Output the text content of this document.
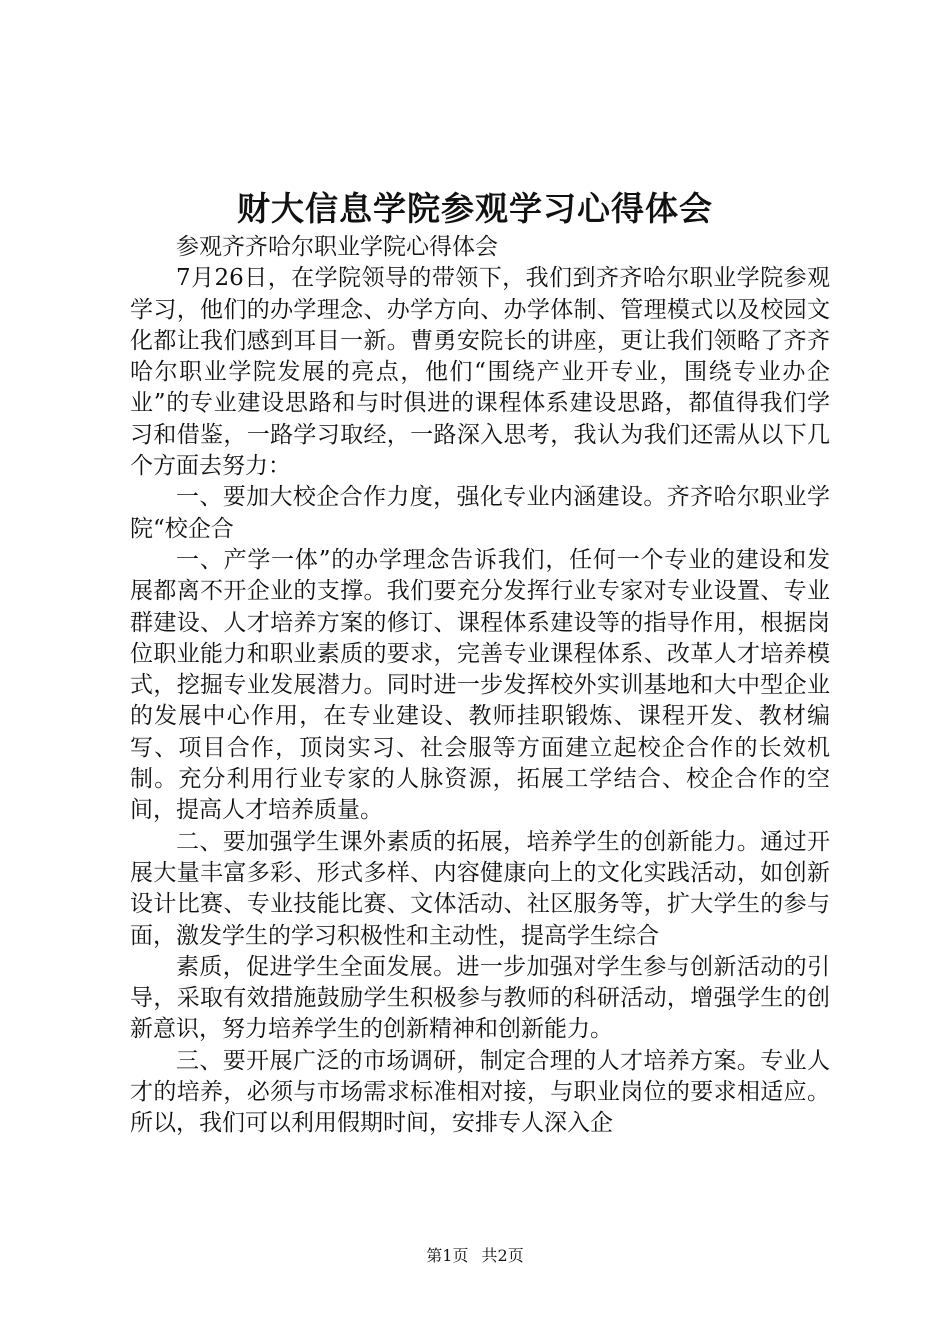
财大信息学院参观学习心得体会

参观齐齐哈尔职业学院心得体会

7月26日，在学院领导的带领下，我们到齐齐哈尔职业学院参观学习，他们的办学理念、办学方向、办学体制、管理模式以及校园文化都让我们感到耳目一新。曹勇安院长的讲座，更让我们领略了齐齐哈尔职业学院发展的亮点，他们“围绕产业开专业，围绕专业办企业”的专业建设思路和与时俱进的课程体系建设思路，都值得我们学习和借鉴，一路学习取经，一路深入思考，我认为我们还需从以下几个方面去努力：

一、要加大校企合作力度，强化专业内涵建设。齐齐哈尔职业学院“校企合

一、产学一体”的办学理念告诉我们，任何一个专业的建设和发展都离不开企业的支撑。我们要充分发挥行业专家对专业设置、专业群建设、人才培养方案的修订、课程体系建设等的指导作用，根据岗位职业能力和职业素质的要求，完善专业课程体系、改革人才培养模式，挖掘专业发展潜力。同时进一步发挥校外实训基地和大中型企业的发展中心作用，在专业建设、教师挂职锻炼、课程开发、教材编写、项目合作，顶岗实习、社会服等方面建立起校企合作的长效机制。充分利用行业专家的人脉资源，拓展工学结合、校企合作的空间，提高人才培养质量。

二、要加强学生课外素质的拓展，培养学生的创新能力。通过开展大量丰富多彩、形式多样、内容健康向上的文化实践活动，如创新设计比赛、专业技能比赛、文体活动、社区服务等，扩大学生的参与面，激发学生的学习积极性和主动性，提高学生综合

素质，促进学生全面发展。进一步加强对学生参与创新活动的引导，采取有效措施鼓励学生积极参与教师的科研活动，增强学生的创新意识，努力培养学生的创新精神和创新能力。

三、要开展广泛的市场调研，制定合理的人才培养方案。专业人才的培养，必须与市场需求标准相对接，与职业岗位的要求相适应。所以，我们可以利用假期时间，安排专人深入企

第1页 共2页
